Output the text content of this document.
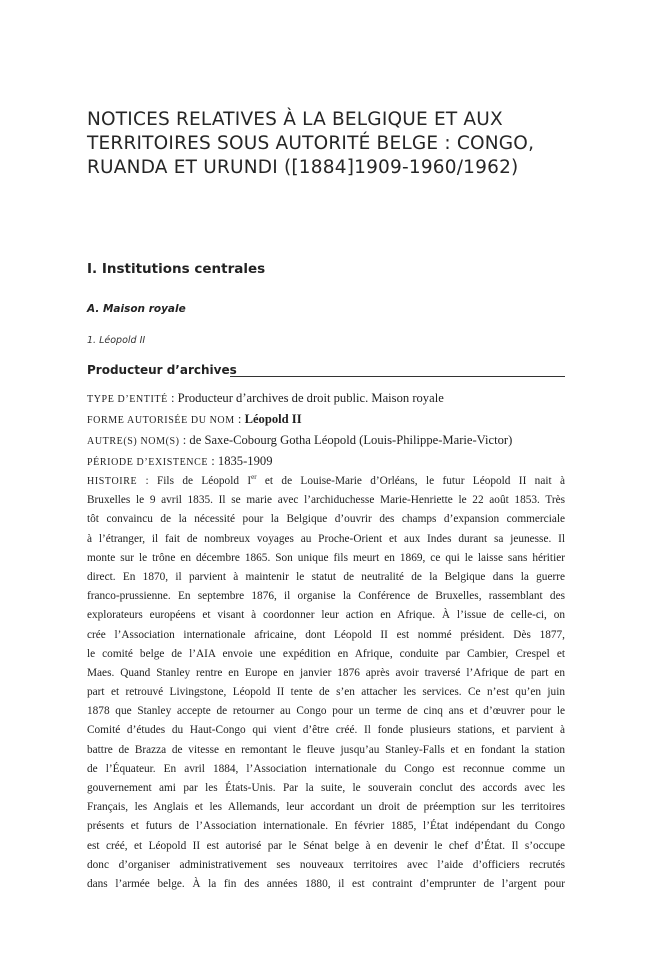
NOTICES RELATIVES À LA BELGIQUE ET AUX
TERRITOIRES SOUS AUTORITÉ BELGE : CONGO,
RUANDA ET URUNDI ([1884]1909-1960/1962)
I. Institutions centrales
A. Maison royale
1. Léopold II
Producteur d’archives
TYPE D’ENTITÉ : Producteur d’archives de droit public. Maison royale
FORME AUTORISÉE DU NOM : Léopold II
AUTRE(S) NOM(S) : de Saxe-Cobourg Gotha Léopold (Louis-Philippe-Marie-Victor)
PÉRIODE D’EXISTENCE : 1835-1909
HISTOIRE : Fils de Léopold Ier et de Louise-Marie d’Orléans, le futur Léopold II nait à
Bruxelles le 9 avril 1835. Il se marie avec l’archiduchesse Marie-Henriette le 22 août 1853. Très
tôt convaincu de la nécessité pour la Belgique d’ouvrir des champs d’expansion commerciale
à l’étranger, il fait de nombreux voyages au Proche-Orient et aux Indes durant sa jeunesse. Il
monte sur le trône en décembre 1865. Son unique fils meurt en 1869, ce qui le laisse sans héritier
direct. En 1870, il parvient à maintenir le statut de neutralité de la Belgique dans la guerre
franco-prussienne. En septembre 1876, il organise la Conférence de Bruxelles, rassemblant des
explorateurs européens et visant à coordonner leur action en Afrique. À l’issue de celle-ci, on
crée l’Association internationale africaine, dont Léopold II est nommé président. Dès 1877,
le comité belge de l’AIA envoie une expédition en Afrique, conduite par Cambier, Crespel et
Maes. Quand Stanley rentre en Europe en janvier 1876 après avoir traversé l’Afrique de part en
part et retrouvé Livingstone, Léopold II tente de s’en attacher les services. Ce n’est qu’en juin
1878 que Stanley accepte de retourner au Congo pour un terme de cinq ans et d’œuvrer pour le
Comité d’études du Haut-Congo qui vient d’être créé. Il fonde plusieurs stations, et parvient à
battre de Brazza de vitesse en remontant le fleuve jusqu’au Stanley-Falls et en fondant la station
de l’Équateur. En avril 1884, l’Association internationale du Congo est reconnue comme un
gouvernement ami par les États-Unis. Par la suite, le souverain conclut des accords avec les
Français, les Anglais et les Allemands, leur accordant un droit de préemption sur les territoires
présents et futurs de l’Association internationale. En février 1885, l’État indépendant du Congo
est créé, et Léopold II est autorisé par le Sénat belge à en devenir le chef d’État. Il s’occupe
donc d’organiser administrativement ses nouveaux territoires avec l’aide d’officiers recrutés
dans l’armée belge. À la fin des années 1880, il est contraint d’emprunter de l’argent pour
